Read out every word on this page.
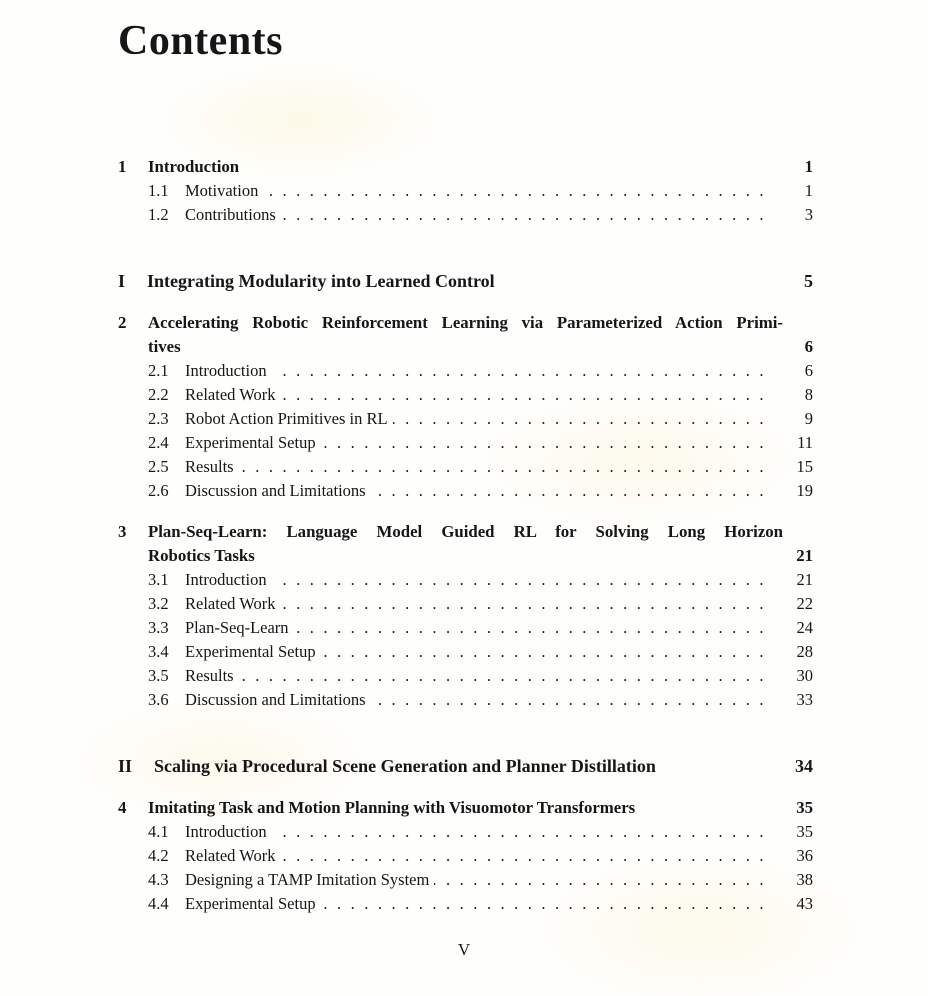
Contents
1	Introduction	1
1.1 Motivation .....	1
1.2 Contributions .....	3
I Integrating Modularity into Learned Control	5
2	Accelerating Robotic Reinforcement Learning via Parameterized Action Primi-
tives	6
2.1 Introduction .....	6
2.2 Related Work .....	8
2.3 Robot Action Primitives in RL .....	9
2.4 Experimental Setup .....	11
2.5 Results .....	15
2.6 Discussion and Limitations .....	19
3	Plan-Seq-Learn: Language Model Guided RL for Solving Long Horizon
Robotics Tasks	21
3.1 Introduction .....	21
3.2 Related Work .....	22
3.3 Plan-Seq-Learn .....	24
3.4 Experimental Setup .....	28
3.5 Results .....	30
3.6 Discussion and Limitations .....	33
II Scaling via Procedural Scene Generation and Planner Distillation	34
4	Imitating Task and Motion Planning with Visuomotor Transformers	35
4.1 Introduction .....	35
4.2 Related Work .....	36
4.3 Designing a TAMP Imitation System .....	38
4.4 Experimental Setup .....	43
V
